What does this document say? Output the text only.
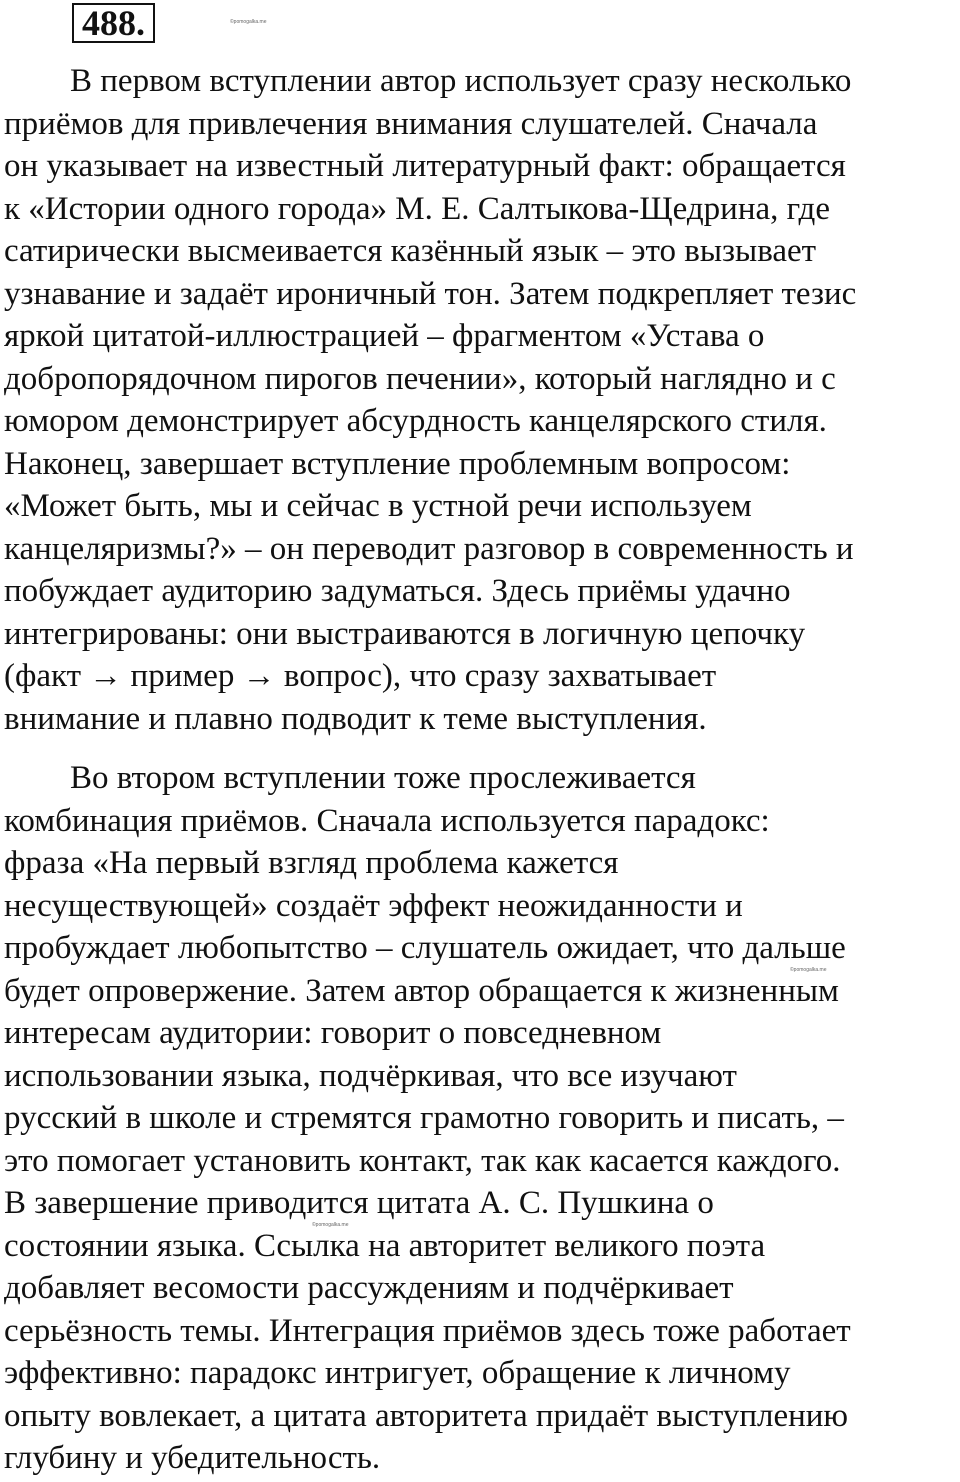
488.	©pomogalka.me
©pomogalka.me
©pomogalka.me
В первом вступлении автор использует сразу несколько
приёмов для привлечения внимания слушателей. Сначала
он указывает на известный литературный факт: обращается
к «Истории одного города» М. Е. Салтыкова-Щедрина, где
сатирически высмеивается казённый язык – это вызывает
узнавание и задаёт ироничный тон. Затем подкрепляет тезис
яркой цитатой-иллюстрацией – фрагментом «Устава о
добропорядочном пирогов печении», который наглядно и с
юмором демонстрирует абсурдность канцелярского стиля.
Наконец, завершает вступление проблемным вопросом:
«Может быть, мы и сейчас в устной речи используем
канцеляризмы?» – он переводит разговор в современность и
побуждает аудиторию задуматься. Здесь приёмы удачно
интегрированы: они выстраиваются в логичную цепочку
(факт → пример → вопрос), что сразу захватывает
внимание и плавно подводит к теме выступления.
Во втором вступлении тоже прослеживается
комбинация приёмов. Сначала используется парадокс:
фраза «На первый взгляд проблема кажется
несуществующей» создаёт эффект неожиданности и
пробуждает любопытство – слушатель ожидает, что дальше
будет опровержение. Затем автор обращается к жизненным
интересам аудитории: говорит о повседневном
использовании языка, подчёркивая, что все изучают
русский в школе и стремятся грамотно говорить и писать, –
это помогает установить контакт, так как касается каждого.
В завершение приводится цитата А. С. Пушкина о
состоянии языка. Ссылка на авторитет великого поэта
добавляет весомости рассуждениям и подчёркивает
серьёзность темы. Интеграция приёмов здесь тоже работает
эффективно: парадокс интригует, обращение к личному
опыту вовлекает, а цитата авторитета придаёт выступлению
глубину и убедительность.
